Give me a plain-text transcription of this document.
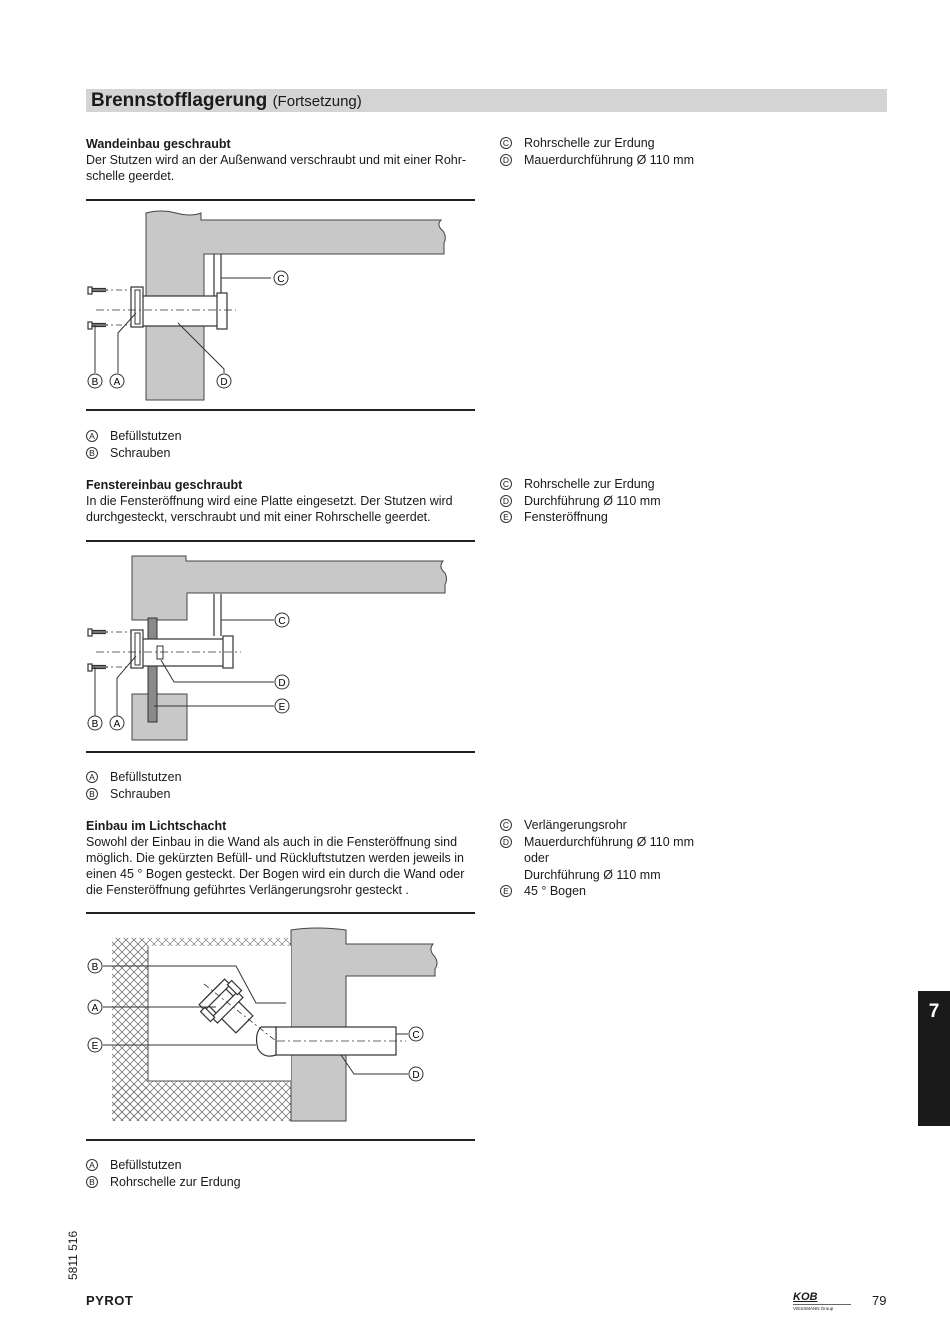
Brennstofflagerung (Fortsetzung)
Wandeinbau geschraubt
Der Stutzen wird an der Außenwand verschraubt und mit einer Rohr-
schelle geerdet.
C Rohrschelle zur Erdung
D Mauerdurchführung Ø 110 mm
C
B A	D
A Befüllstutzen
B Schrauben
Fenstereinbau geschraubt
In die Fensteröffnung wird eine Platte eingesetzt. Der Stutzen wird
durchgesteckt, verschraubt und mit einer Rohrschelle geerdet.
C Rohrschelle zur Erdung
D Durchführung Ø 110 mm
E Fensteröffnung
C
D
E
B A
A Befüllstutzen
B Schrauben
Einbau im Lichtschacht
Sowohl der Einbau in die Wand als auch in die Fensteröffnung sind
möglich. Die gekürzten Befüll- und Rückluftstutzen werden jeweils in
einen 45 ° Bogen gesteckt. Der Bogen wird ein durch die Wand oder
die Fensteröffnung geführtes Verlängerungsrohr gesteckt .
C Verlängerungsrohr
D Mauerdurchführung Ø 110 mm
oder
Durchführung Ø 110 mm
E 45 ° Bogen
B
A
E
C
D
A Befüllstutzen
B Rohrschelle zur Erdung
7
5811 516
PYROT	KOB
VIESSMANN Group
79
